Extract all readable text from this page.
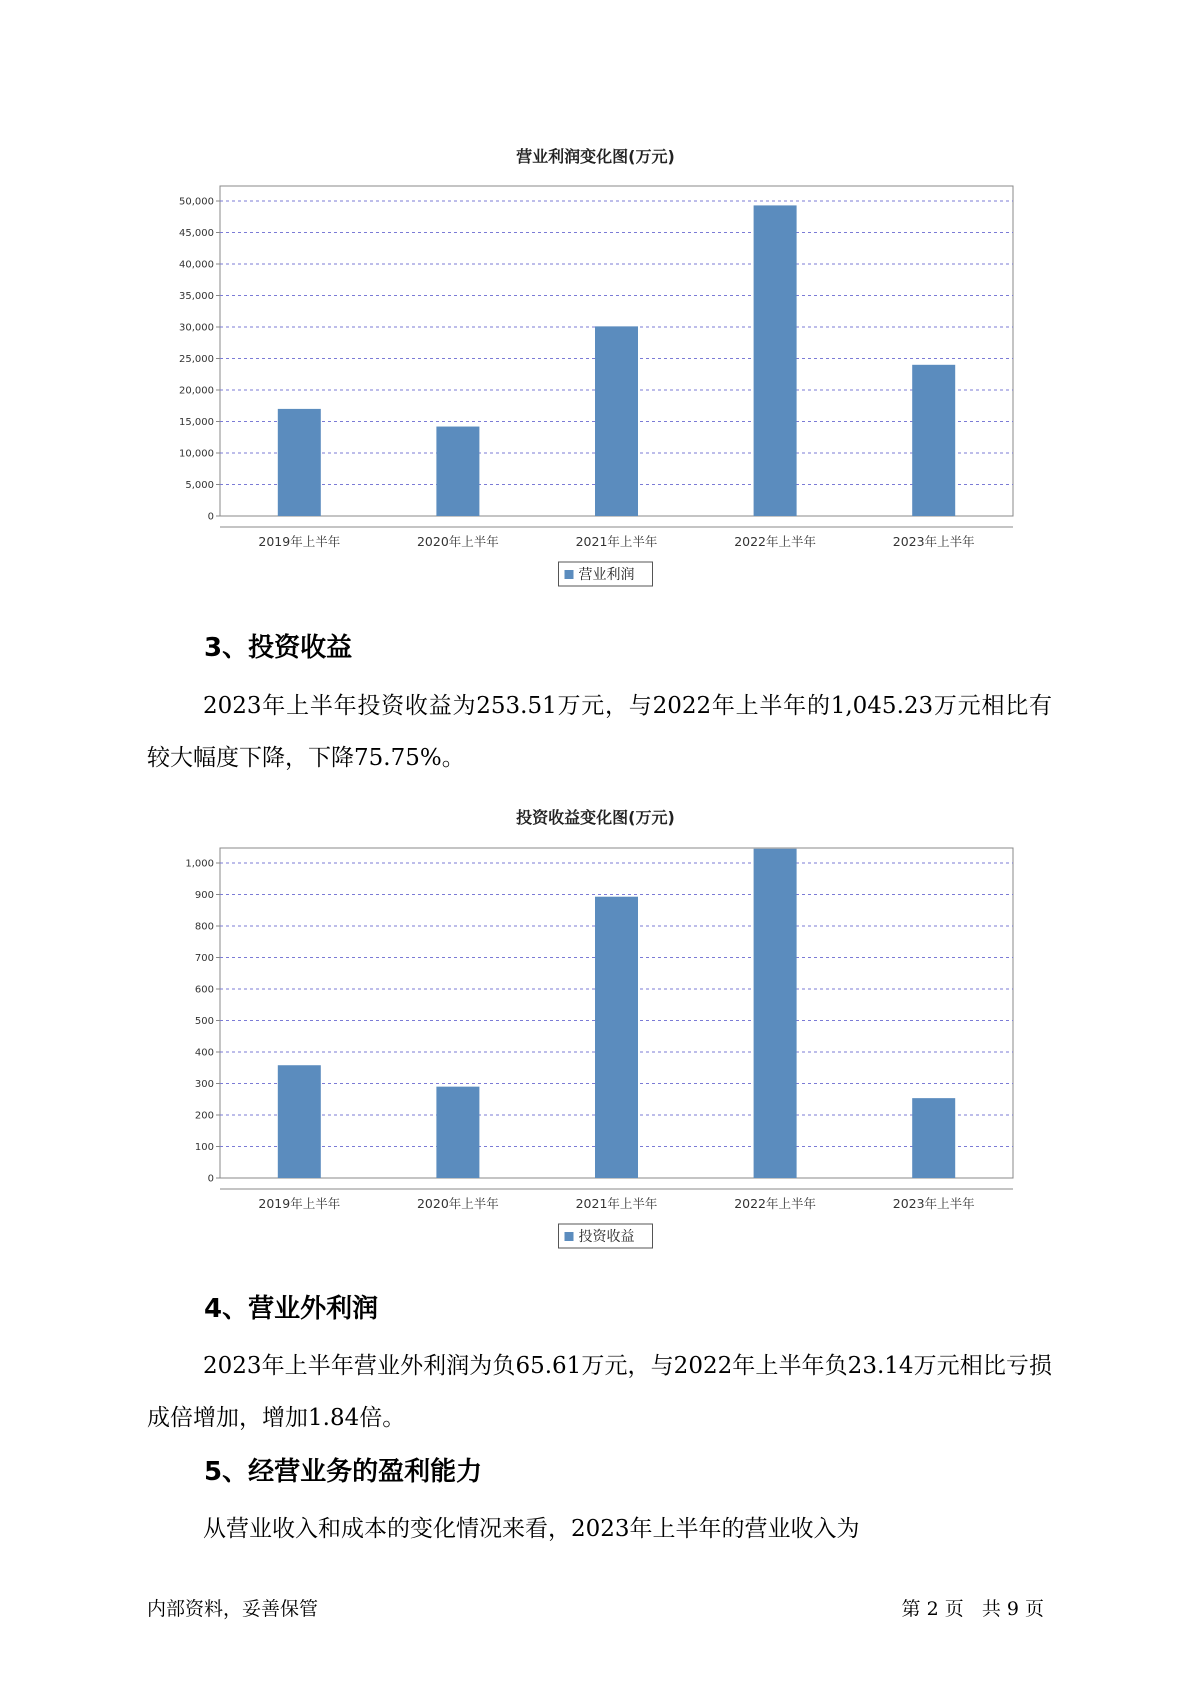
营业利润变化图(万元)
0
5,000
10,000
15,000
20,000
25,000
30,000
35,000
40,000
45,000
50,000
2019年上半年	2020年上半年	2021年上半年	2022年上半年	2023年上半年
营业利润
3、投资收益
2023年上半年投资收益为253.51万元，与2022年上半年的1,045.23万元相比有较大幅度下降，下降75.75%。
投资收益变化图(万元)
0
100
200
300
400
500
600
700
800
900
1,000
2019年上半年	2020年上半年	2021年上半年	2022年上半年	2023年上半年
投资收益
4、营业外利润
2023年上半年营业外利润为负65.61万元，与2022年上半年负23.14万元相比亏损成倍增加，增加1.84倍。
5、经营业务的盈利能力
从营业收入和成本的变化情况来看，2023年上半年的营业收入为
内部资料，妥善保管	第 2 页   共 9 页
